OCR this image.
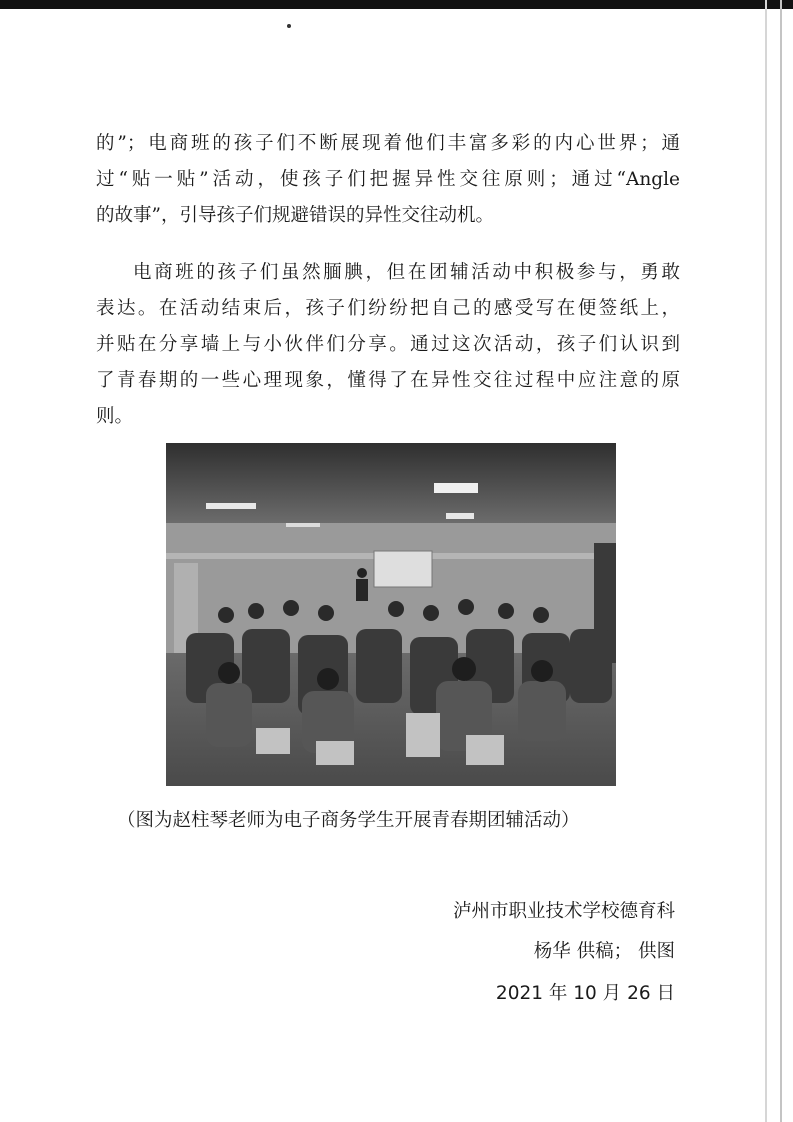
的”；电商班的孩子们不断展现着他们丰富多彩的内心世界；通
过“贴一贴”活动，使孩子们把握异性交往原则；通过“Angle
的故事”，引导孩子们规避错误的异性交往动机。
电商班的孩子们虽然腼腆，但在团辅活动中积极参与，勇敢
表达。在活动结束后，孩子们纷纷把自己的感受写在便签纸上，
并贴在分享墙上与小伙伴们分享。通过这次活动，孩子们认识到
了青春期的一些心理现象，懂得了在异性交往过程中应注意的原
则。
（图为赵柱琴老师为电子商务学生开展青春期团辅活动）
泸州市职业技术学校德育科
杨华 供稿； 供图
2021 年 10 月 26 日
